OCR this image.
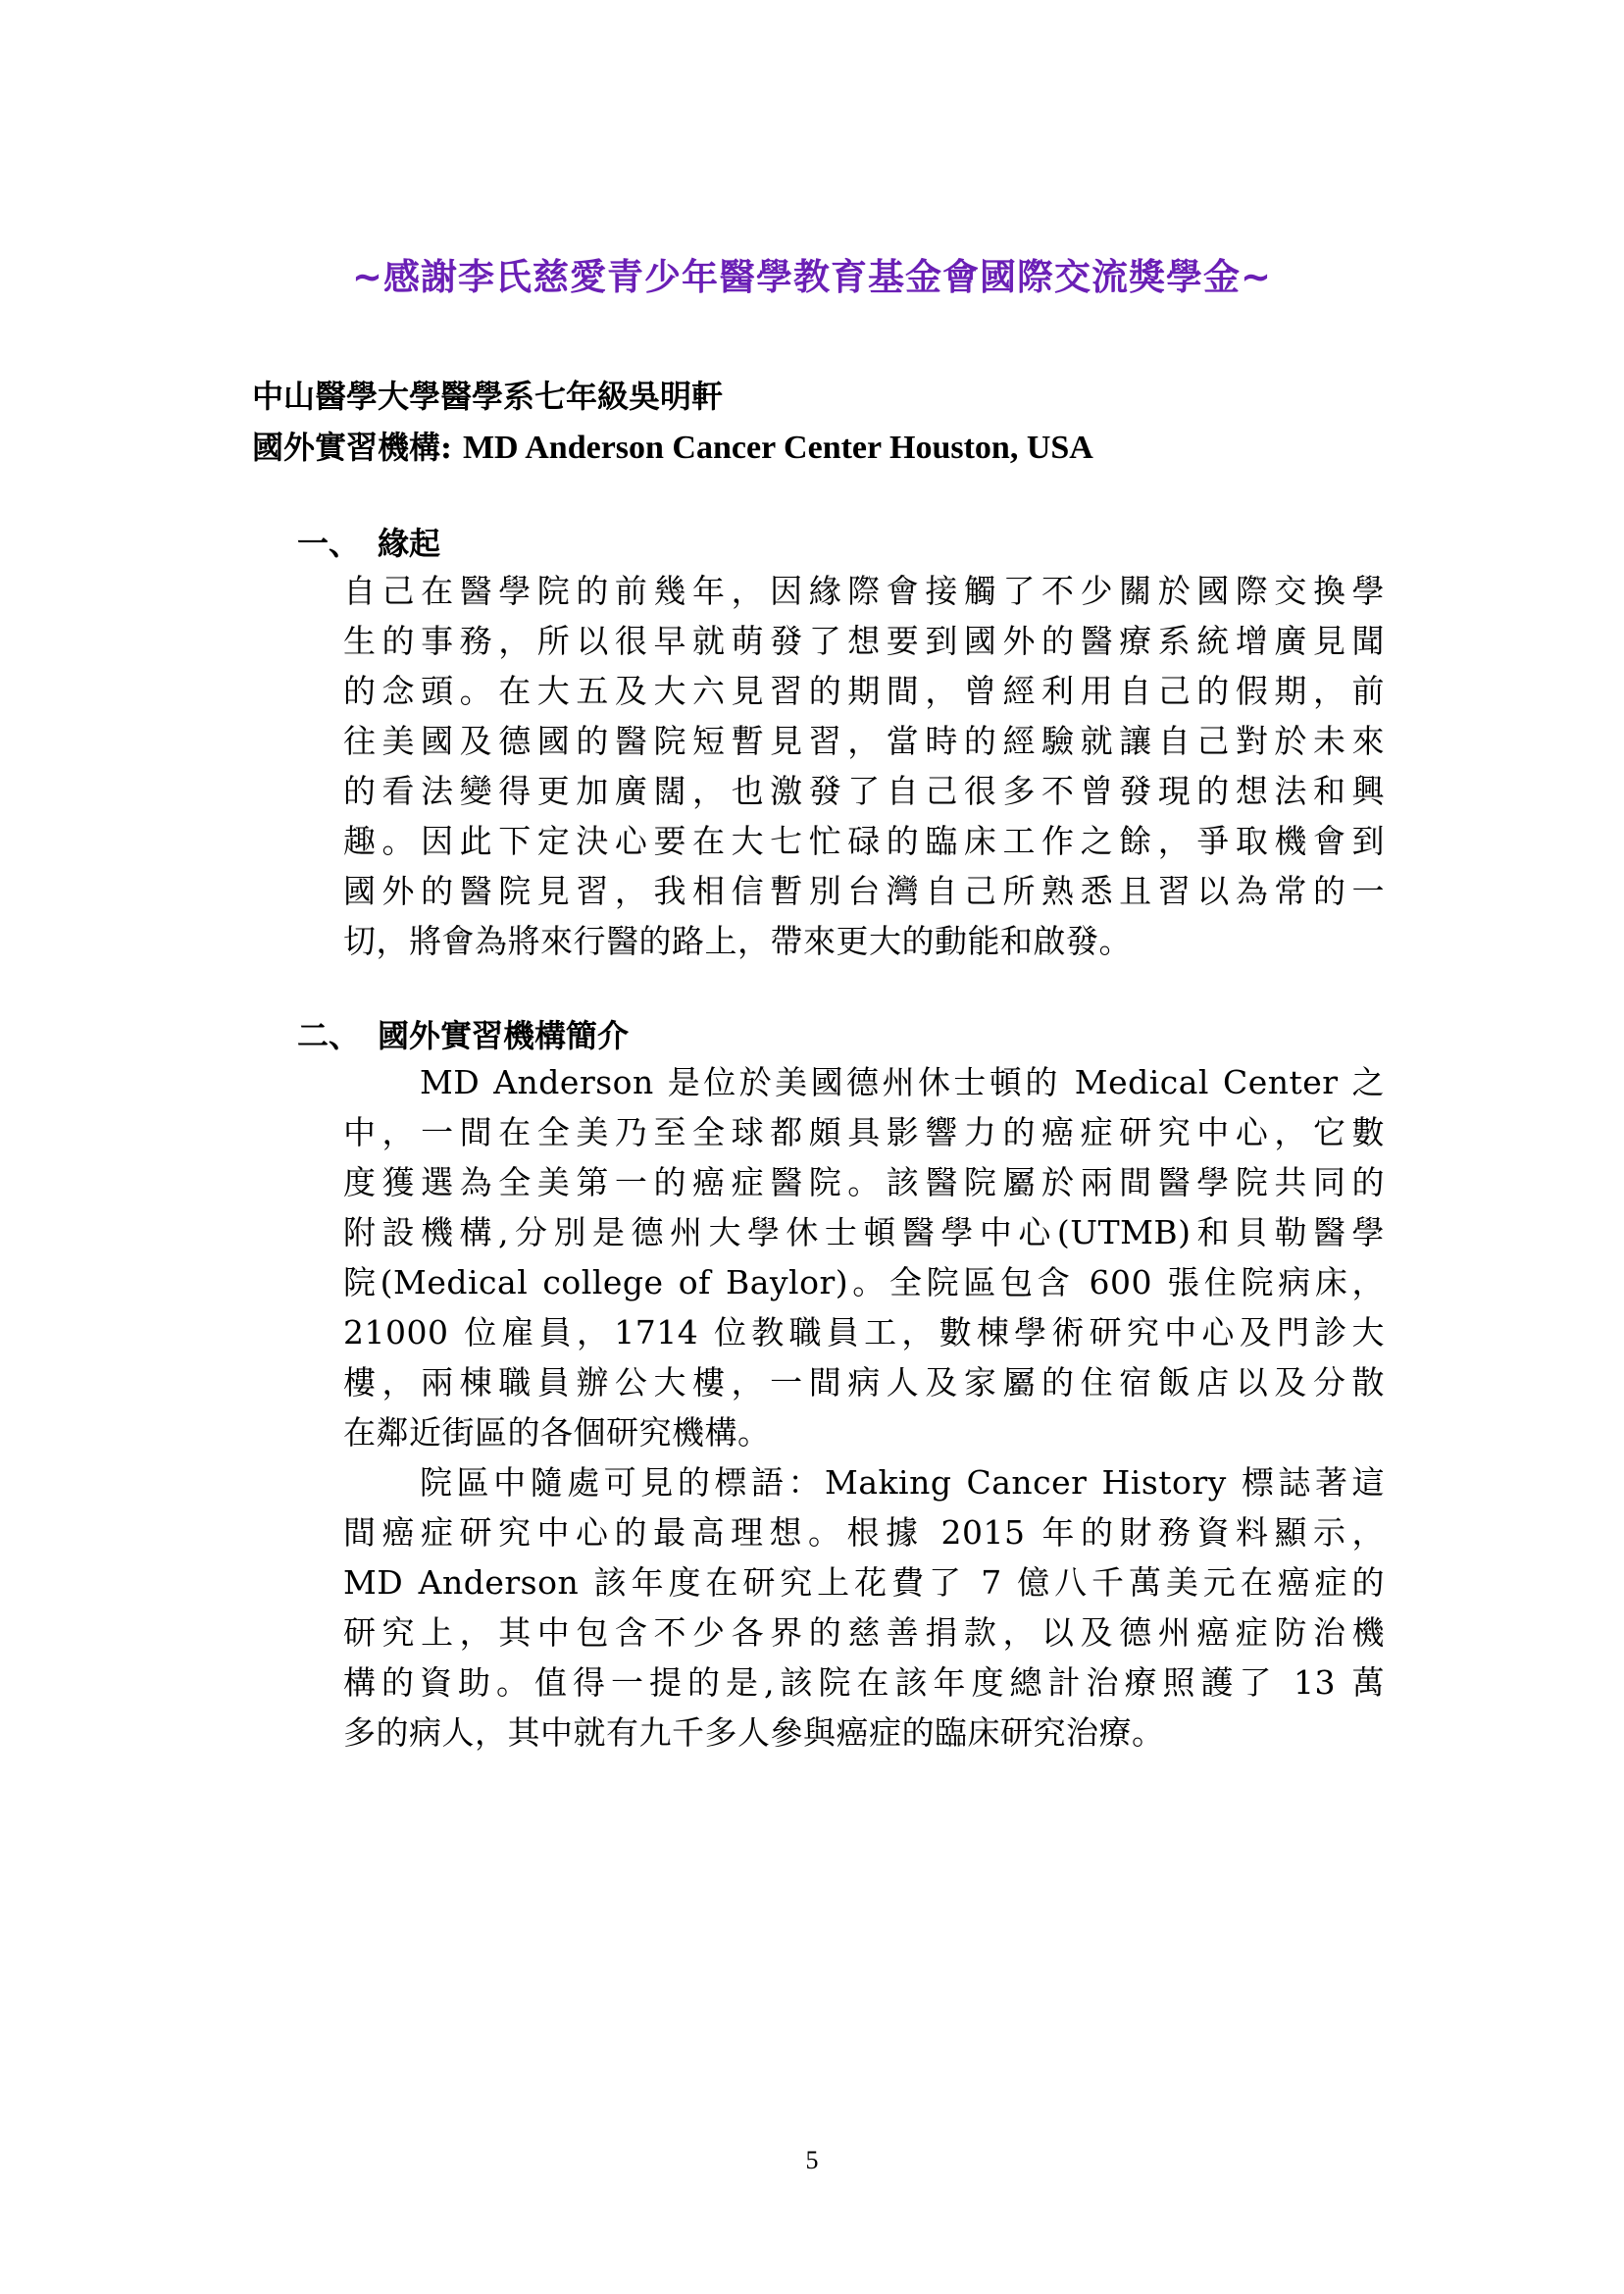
~感謝李氏慈愛青少年醫學教育基金會國際交流獎學金~
中山醫學大學醫學系七年級吳明軒
國外實習機構: MD Anderson Cancer Center Houston, USA
一、 緣起
自己在醫學院的前幾年，因緣際會接觸了不少關於國際交換學
生的事務，所以很早就萌發了想要到國外的醫療系統增廣見聞
的念頭。在大五及大六見習的期間，曾經利用自己的假期，前
往美國及德國的醫院短暫見習，當時的經驗就讓自己對於未來
的看法變得更加廣闊，也激發了自己很多不曾發現的想法和興
趣。因此下定決心要在大七忙碌的臨床工作之餘，爭取機會到
國外的醫院見習，我相信暫別台灣自己所熟悉且習以為常的一
切，將會為將來行醫的路上，帶來更大的動能和啟發。
二、 國外實習機構簡介
MD Anderson 是位於美國德州休士頓的 Medical Center 之
中，一間在全美乃至全球都頗具影響力的癌症研究中心，它數
度獲選為全美第一的癌症醫院。該醫院屬於兩間醫學院共同的
附設機構,分別是德州大學休士頓醫學中心(UTMB)和貝勒醫學
院(Medical college of Baylor)。全院區包含 600 張住院病床，
21000 位雇員，1714 位教職員工，數棟學術研究中心及門診大
樓，兩棟職員辦公大樓，一間病人及家屬的住宿飯店以及分散
在鄰近街區的各個研究機構。
院區中隨處可見的標語：Making Cancer History 標誌著這
間癌症研究中心的最高理想。根據 2015 年的財務資料顯示，
MD Anderson 該年度在研究上花費了 7 億八千萬美元在癌症的
研究上，其中包含不少各界的慈善捐款，以及德州癌症防治機
構的資助。值得一提的是,該院在該年度總計治療照護了 13 萬
多的病人，其中就有九千多人參與癌症的臨床研究治療。
5
